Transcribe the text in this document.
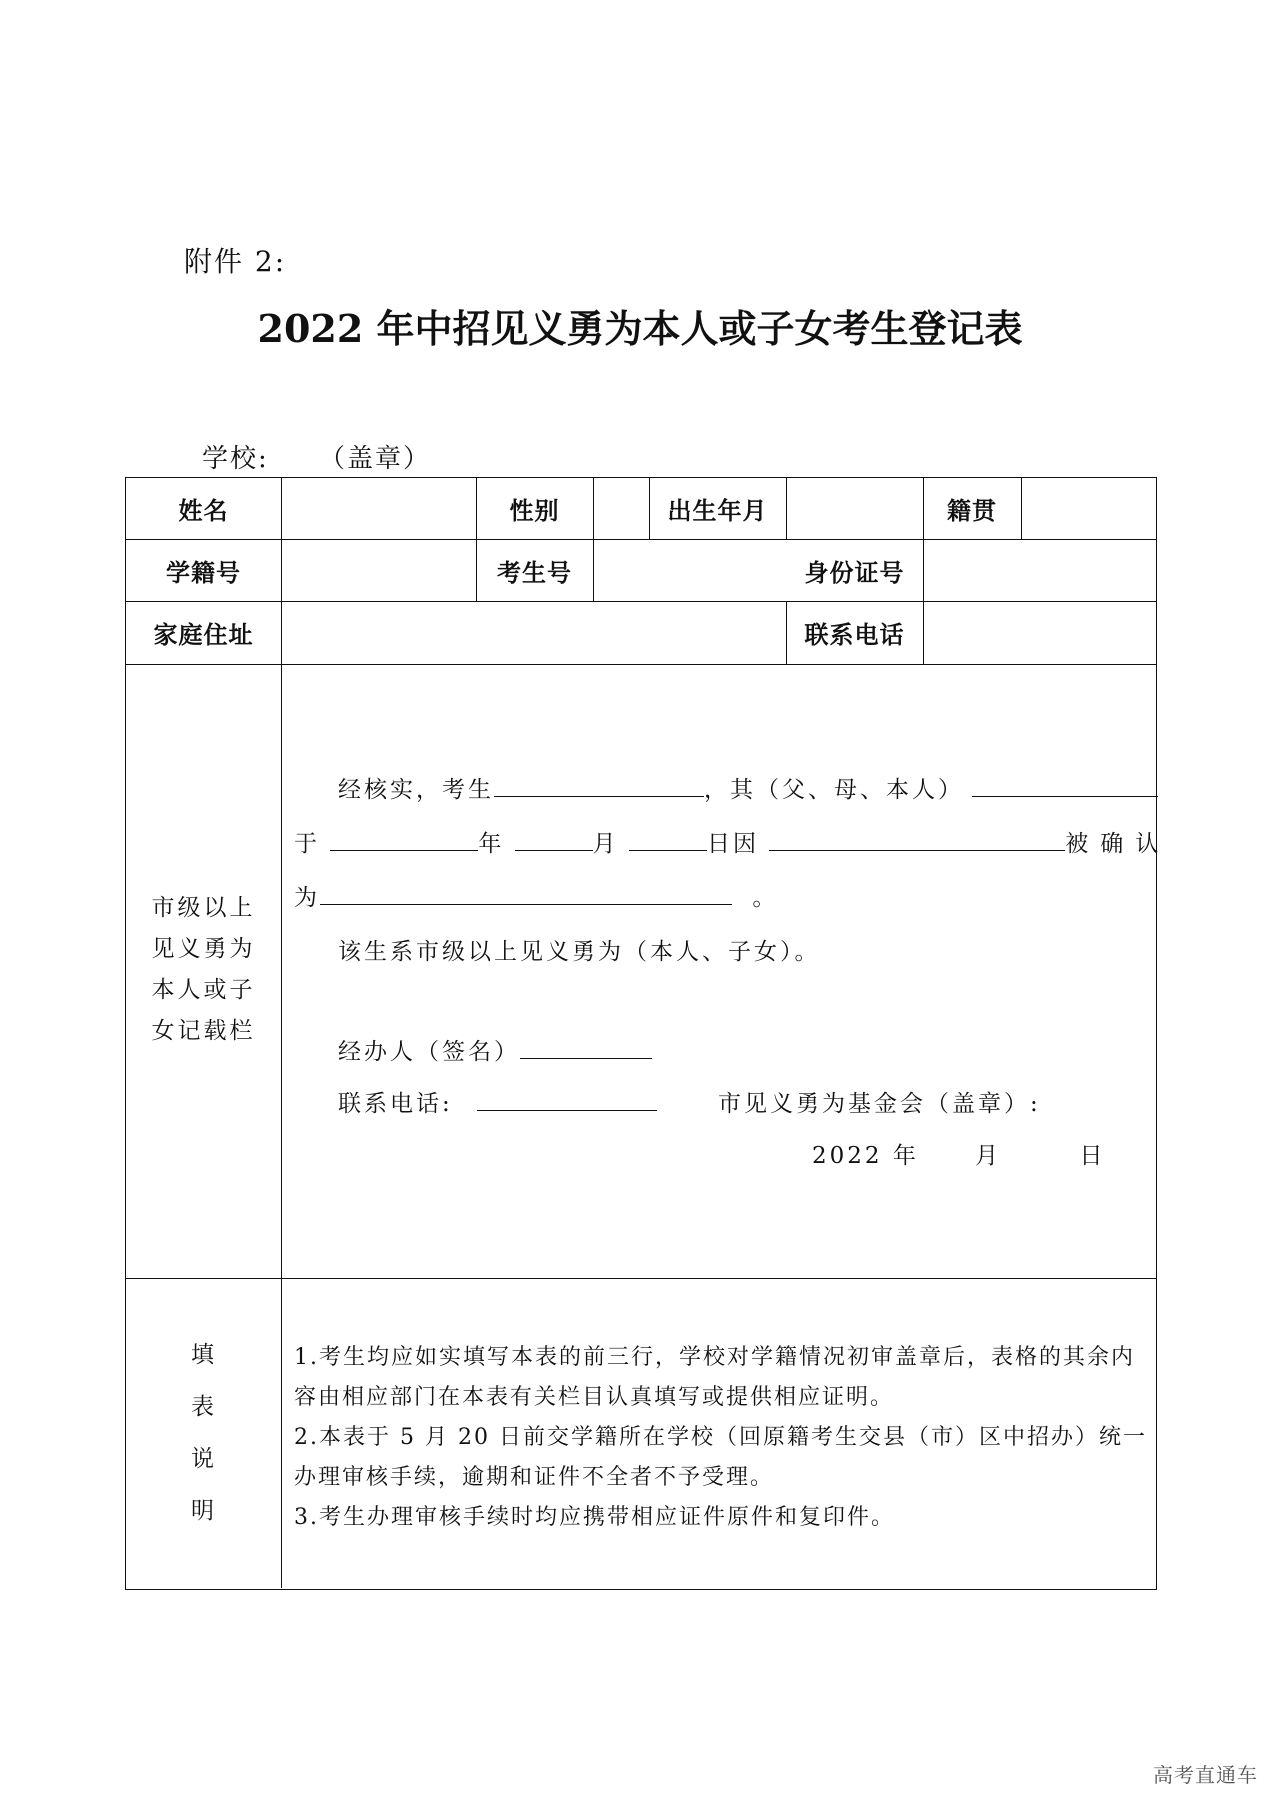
附件 2:
2022 年中招见义勇为本人或子女考生登记表
学校: （盖章）
姓名	性别	出生年月	籍贯
学籍号	考生号	身份证号
家庭住址	联系电话
市级以上见义勇为本人或子女记载栏
经核实，考生	，其（父、母、本人）
于	年	月	日因	被确认
为	。
该生系市级以上见义勇为（本人、子女）。
经办人（签名）
联系电话:	市见义勇为基金会（盖章）:
2022 年 月	日
填表说明

1.考生均应如实填写本表的前三行，学校对学籍情况初审盖章后，表格的其余内容由相应部门在本表有关栏目认真填写或提供相应证明。

2.本表于 5 月 20 日前交学籍所在学校（回原籍考生交县（市）区中招办）统一办理审核手续，逾期和证件不全者不予受理。

3.考生办理审核手续时均应携带相应证件原件和复印件。

高考直通车
